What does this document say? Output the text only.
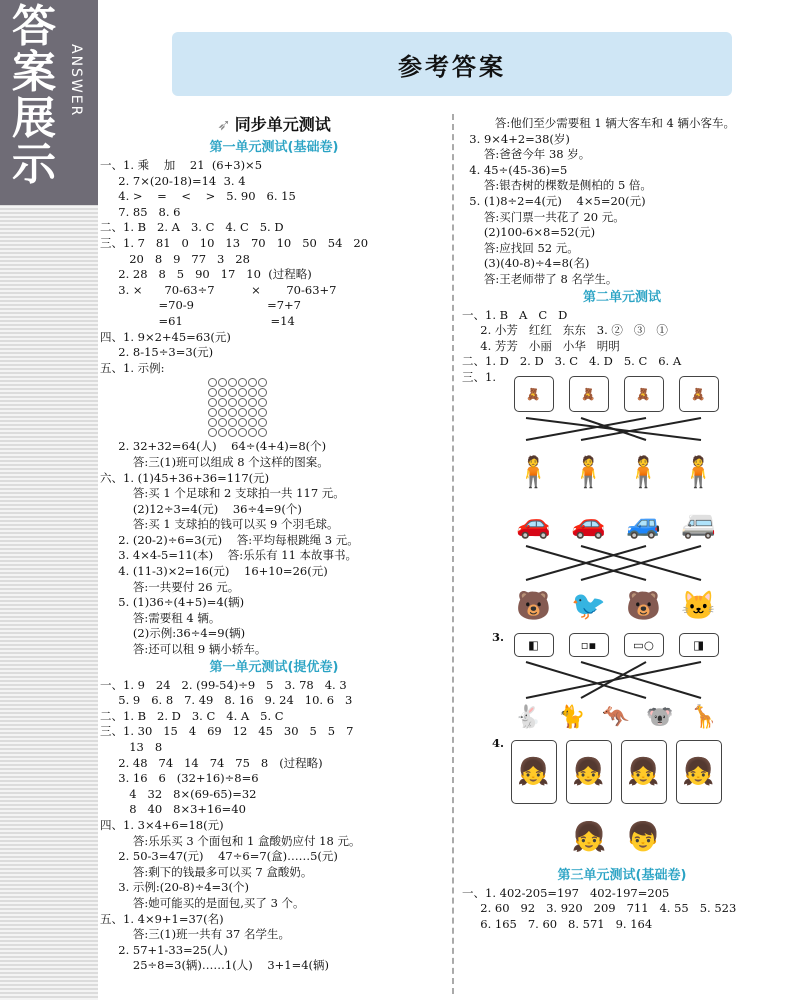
答
案
展
示
ANSWER	参考答案
➶ 同步单元测试
第一单元测试(基础卷)
一、1. 乘    加    21  (6+3)×5
2. 7×(20-18)=14  3. 4
4. >    =    <    >   5. 90   6. 15
7. 85   8. 6
二、1. B   2. A   3. C   4. C   5. D
三、1. 7   81   0   10   13   70   10   50   54   20
20   8   9   77   3   28
2. 28   8   5   90   17   10  (过程略)
3. ×      70-63÷7          ×       70-63+7
=70-9                    =7+7
=61                        =14
四、1. 9×2+45=63(元)
2. 8-15÷3=3(元)
五、1. 示例:
2. 32+32=64(人)    64÷(4+4)=8(个)
答:三(1)班可以组成 8 个这样的图案。
六、1. (1)45+36+36=117(元)
答:买 1 个足球和 2 支球拍一共 117 元。
(2)12÷3=4(元)    36÷4=9(个)
答:买 1 支球拍的钱可以买 9 个羽毛球。
2. (20-2)÷6=3(元)    答:平均每根跳绳 3 元。
3. 4×4-5=11(本)    答:乐乐有 11 本故事书。
4. (11-3)×2=16(元)    16+10=26(元)
答:一共要付 26 元。
5. (1)36÷(4+5)=4(辆)
答:需要租 4 辆。
(2)示例:36÷4=9(辆)
答:还可以租 9 辆小轿车。
第一单元测试(提优卷)
一、1. 9   24   2. (99-54)÷9   5   3. 78   4. 3
5. 9   6. 8   7. 49   8. 16   9. 24   10. 6   3
二、1. B   2. D   3. C   4. A   5. C
三、1. 30   15   4   69   12   45   30   5   5   7
13   8
2. 48   74   14   74   75   8   (过程略)
3. 16   6   (32+16)÷8=6
4   32   8×(69-65)=32
8   40   8×3+16=40
四、1. 3×4+6=18(元)
答:乐乐买 3 个面包和 1 盒酸奶应付 18 元。
2. 50-3=47(元)    47÷6=7(盒)……5(元)
答:剩下的钱最多可以买 7 盒酸奶。
3. 示例:(20-8)÷4=3(个)
答:她可能买的是面包,买了 3 个。
五、1. 4×9+1=37(名)
答:三(1)班一共有 37 名学生。
2. 57+1-33=25(人)
25÷8=3(辆)……1(人)    3+1=4(辆)
答:他们至少需要租 1 辆大客车和 4 辆小客车。
3. 9×4+2=38(岁)
答:爸爸今年 38 岁。
4. 45÷(45-36)=5
答:银杏树的棵数是侧柏的 5 倍。
5. (1)8÷2=4(元)    4×5=20(元)
答:买门票一共花了 20 元。
(2)100-6×8=52(元)
答:应找回 52 元。
(3)(40-8)÷4=8(名)
答:王老师带了 8 名学生。
第二单元测试
一、1. B   A   C   D
2. 小芳   红红   东东   3. ②   ③   ①
4. 芳芳   小丽   小华   明明
二、1. D   2. D   3. C   4. D   5. C   6. A
三、1.
🧸	🧸	🧸	🧸
🧍 🧍 🧍 🧍
🚗 🚗 🚙 🚐
🐻 🐦 🐻 🐱
3.
◧	▫▪	▭○	◨
🐇 🐈 🦘 🐨 🦒
4.
👧 👧 👧 👧
👧 👦
第三单元测试(基础卷)
一、1. 402-205=197   402-197=205
2. 60   92   3. 920   209   711   4. 55   5. 523
6. 165   7. 60   8. 571   9. 164
